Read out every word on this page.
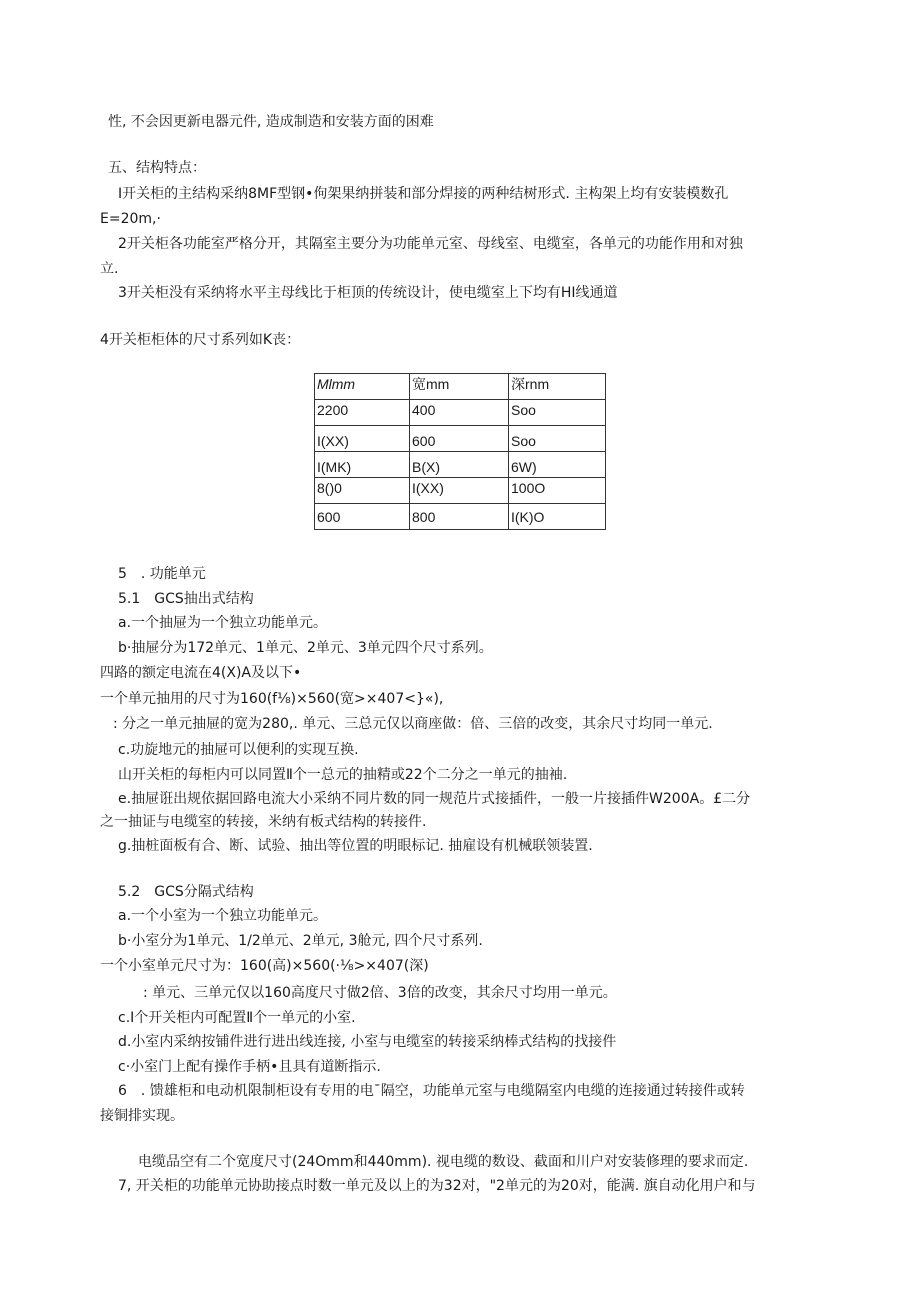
性, 不会因更新电器元件, 造成制造和安装方面的困难
五、结构特点：
I开关柜的主结构采纳8MF型钢•佝架果纳拼装和部分焊接的两种结树形式. 主构架上均有安装模数孔
E=20m,·
2开关柜各功能室严格分开，其隔室主要分为功能单元室、母线室、电缆室，各单元的功能作用和对独
立.
3开关柜没有采纳将水平主母线比于柜顶的传统设计，使电缆室上下均有HI线通道
4开关柜柜体的尺寸系列如K丧：
Mlmm	宽mm	深rnm
2200	400	Soo
I(XX)	600	Soo
I(MK)	B(X)	6W)
8()0	I(XX)	100O
600	800	I(K)O
5　. 功能单元
5.1　GCS抽出式结构
a.一个抽屉为一个独立功能单元。
b·抽屉分为172单元、1单元、2单元、3单元四个尺寸系列。
四路的额定电流在4(X)A及以下•
一个单元抽用的尺寸为160(f⅛)×560(宽>×407<}«),
: 分之一单元抽屉的宽为280,. 单元、三总元仅以商座做：倍、三倍的改变，其余尺寸均同一单元.
c.功旋地元的抽屉可以便利的实现互换.
山开关柜的每柜内可以同置Ⅱ个一总元的抽精或22个二分之一单元的抽袖.
e.抽屉诳出规依据回路电流大小采纳不同片数的同一规范片式接插件，一般一片接插件W200A。£二分
之一抽证与电缆室的转接，米纳有板式结构的转接件.
g.抽桩面板有合、断、试验、抽出等位置的明眼标记. 抽雇设有机械联领装置.
5.2　GCS分隔式结构
a.一个小室为一个独立功能单元。
b·小室分为1单元、1/2单元、2单元, 3舱元, 四个尺寸系列.
一个小室单元尺寸为：160(高)×560(·⅛>×407(深)
: 单元、三单元仅以160高度尺寸做2倍、3倍的改变，其余尺寸均用一单元。
c.I个开关柜内可配置Ⅱ个一单元的小室.
d.小室内采纳按铺件进行进出线连接, 小室与电缆室的转接采纳棒式结构的找接件
c·小室门上配有操作手柄•且具有道断指示.
6　. 馈雄柜和电动机限制柜设有专用的电ˉ隔空，功能单元室与电缆隔室内电缆的连接通过转接件或转
接铜排实现。
电缆品空有二个宽度尺寸(24Omm和440mm). 视电缆的数设、截面和川户对安装修理的要求而定.
7, 开关柜的功能单元协助接点时数一单元及以上的为32对，"2单元的为20对，能满. 旗自动化用户和与
